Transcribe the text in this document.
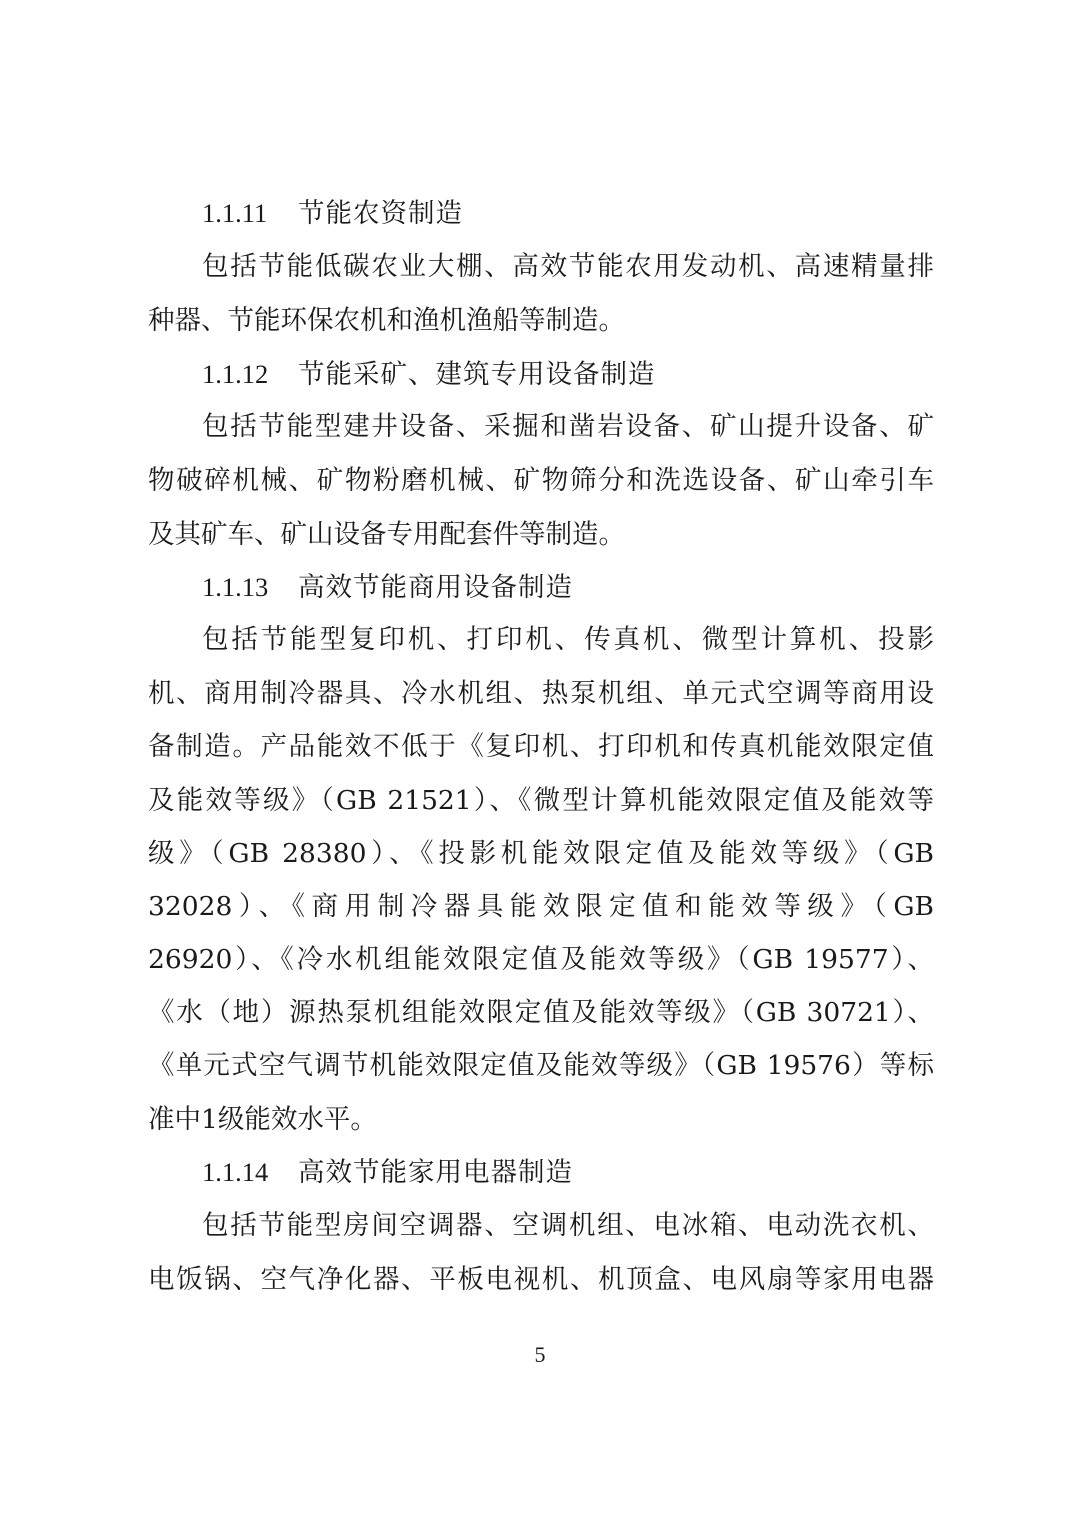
1.1.11 节能农资制造
包括节能低碳农业大棚、高效节能农用发动机、高速精量排
种器、节能环保农机和渔机渔船等制造。
1.1.12 节能采矿、建筑专用设备制造
包括节能型建井设备、采掘和凿岩设备、矿山提升设备、矿
物破碎机械、矿物粉磨机械、矿物筛分和洗选设备、矿山牵引车
及其矿车、矿山设备专用配套件等制造。
1.1.13 高效节能商用设备制造
包括节能型复印机、打印机、传真机、微型计算机、投影
机、商用制冷器具、冷水机组、热泵机组、单元式空调等商用设
备制造。产品能效不低于《复印机、打印机和传真机能效限定值
及能效等级》（GB 21521）、《微型计算机能效限定值及能效等
级》（GB 28380）、《投影机能效限定值及能效等级》（GB
32028）、《商用制冷器具能效限定值和能效等级》（GB
26920）、《冷水机组能效限定值及能效等级》（GB 19577）、
《水（地）源热泵机组能效限定值及能效等级》（GB 30721）、
《单元式空气调节机能效限定值及能效等级》（GB 19576）等标
准中1级能效水平。
1.1.14 高效节能家用电器制造
包括节能型房间空调器、空调机组、电冰箱、电动洗衣机、
电饭锅、空气净化器、平板电视机、机顶盒、电风扇等家用电器
5
